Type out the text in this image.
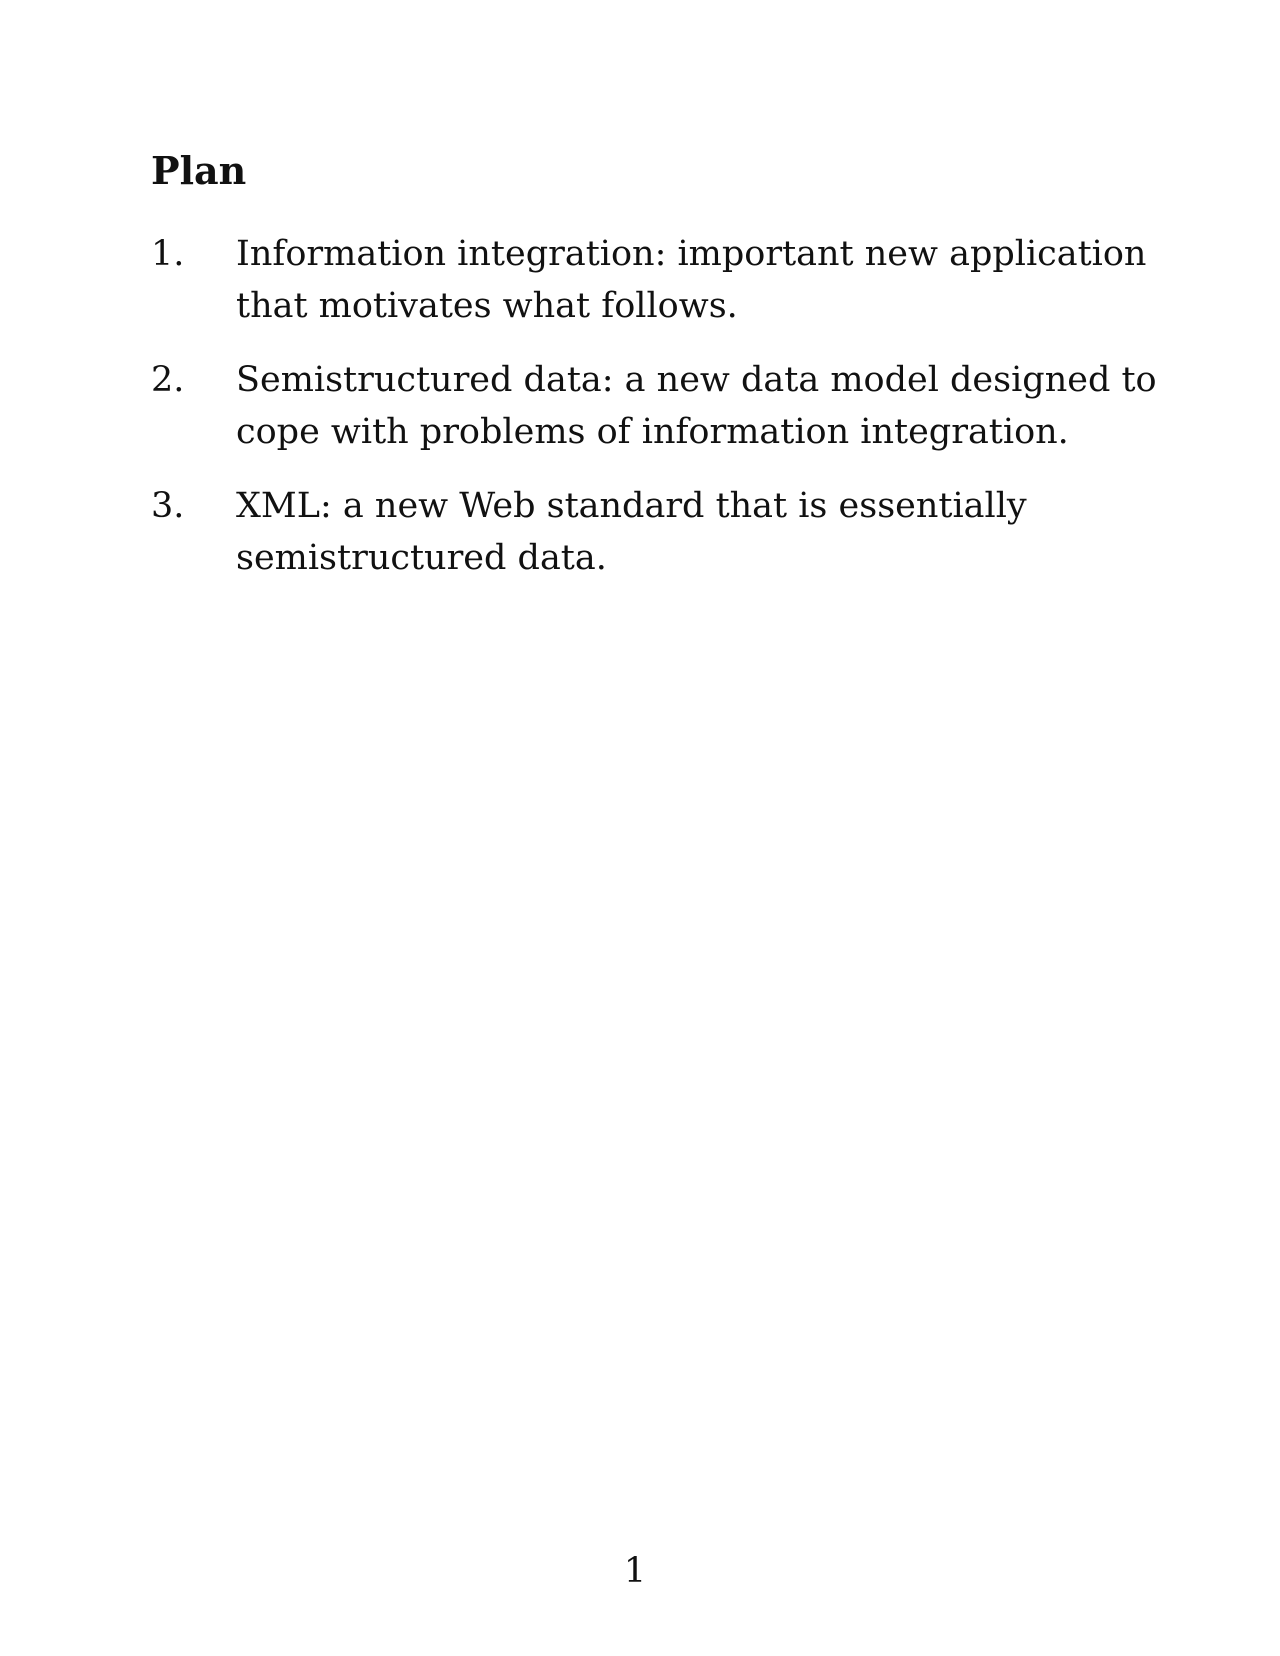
Plan
1.	Information integration: important new application that motivates what follows.
2.	Semistructured data: a new data model designed to cope with problems of information integration.
3.	XML: a new Web standard that is essentially semistructured data.
1
